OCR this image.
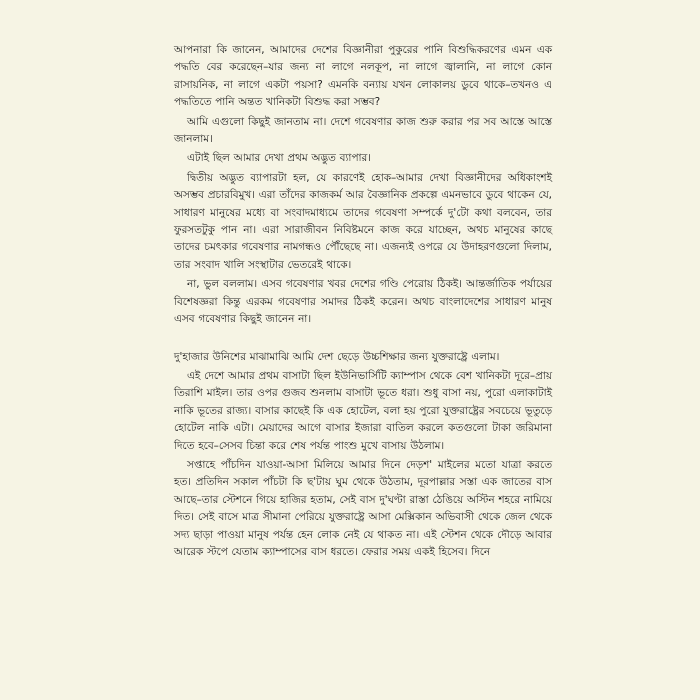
আপনারা কি জানেন, আমাদের দেশের বিজ্ঞানীরা পুকুরের পানি বিশুদ্ধিকরণের এমন এক পদ্ধতি বের করেছেন–যার জন্য না লাগে নলকূপ, না লাগে জ্বালানি, না লাগে কোন রাসায়নিক, না লাগে একটা পয়সা? এমনকি বন্যায় যখন লোকালয় ডুবে থাকে–তখনও এ পদ্ধতিতে পানি অন্তত খানিকটা বিশুদ্ধ করা সম্ভব?

আমি এগুলো কিছুই জানতাম না। দেশে গবেষণার কাজ শুরু করার পর সব আস্তে আস্তে জানলাম।

এটাই ছিল আমার দেখা প্রথম অদ্ভুত ব্যাপার।

দ্বিতীয় অদ্ভুত ব্যাপারটা হল, যে কারণেই হোক–আমার দেখা বিজ্ঞানীদের অধিকাংশই অসম্ভব প্রচারবিমুখ। এরা তাঁদের কাজকর্ম আর বৈজ্ঞানিক প্রকল্পে এমনভাবে ডুবে থাকেন যে, সাধারণ মানুষের মধ্যে বা সংবাদমাধ্যমে তাদের গবেষণা সম্পর্কে দু'টো কথা বলবেন, তার ফুরসতটুকু পান না। এরা সারাজীবন নিবিষ্টমনে কাজ করে যাচ্ছেন, অথচ মানুষের কাছে তাদের চমৎকার গবেষণার নামগন্ধও পৌঁছেছে না। এজন্যই ওপরে যে উদাহরণগুলো দিলাম, তার সংবাদ খালি সংস্থাটার ভেতরেই থাকে।

না, ভুল বললাম। এসব গবেষণার খবর দেশের গণ্ডি পেরোয় ঠিকই। আন্তর্জাতিক পর্যায়ের বিশেষজ্ঞরা কিন্তু এরকম গবেষণার সমাদর ঠিকই করেন। অথচ বাংলাদেশের সাধারণ মানুষ এসব গবেষণার কিছুই জানেন না।

দু'হাজার উনিশের মাঝামাঝি আমি দেশ ছেড়ে উচ্চশিক্ষার জন্য যুক্তরাষ্ট্রে এলাম।

এই দেশে আমার প্রথম বাসাটা ছিল ইউনিভার্সিটি ক্যাম্পাস থেকে বেশ খানিকটা দূরে–প্রায় তিরাশি মাইল। তার ওপর গুজব শুনলাম বাসাটা ভূতে ধরা। শুধু বাসা নয়, পুরো এলাকাটাই নাকি ভূতের রাজ্য। বাসার কাছেই কি এক হোটেল, বলা হয় পুরো যুক্তরাষ্ট্রের সবচেয়ে ভূতুড়ে হোটেল নাকি এটা। মেয়াদের আগে বাসার ইজারা বাতিল করলে কতগুলো টাকা জরিমানা দিতে হবে–সেসব চিন্তা করে শেষ পর্যন্ত পাংশু মুখে বাসায় উঠলাম।

সপ্তাহে পাঁচদিন যাওয়া-আসা মিলিয়ে আমার দিনে দেড়শ' মাইলের মতো যাত্রা করতে হত। প্রতিদিন সকাল পাঁচটা কি ছ'টায় ঘুম থেকে উঠতাম, দূরপাল্লার সস্তা এক জাতের বাস আছে–তার স্টেশনে গিয়ে হাজির হতাম, সেই বাস দু'ঘণ্টা রাস্তা ঠেঙিয়ে অস্টিন শহরে নামিয়ে দিত। সেই বাসে মাত্র সীমানা পেরিয়ে যুক্তরাষ্ট্রে আসা মেক্সিকান অভিবাসী থেকে জেল থেকে সদ্য ছাড়া পাওয়া মানুষ পর্যন্ত হেন লোক নেই যে থাকত না। এই স্টেশন থেকে দৌড়ে আবার আরেক স্টপে যেতাম ক্যাম্পাসের বাস ধরতে। ফেরার সময় একই হিসেব। দিনে
